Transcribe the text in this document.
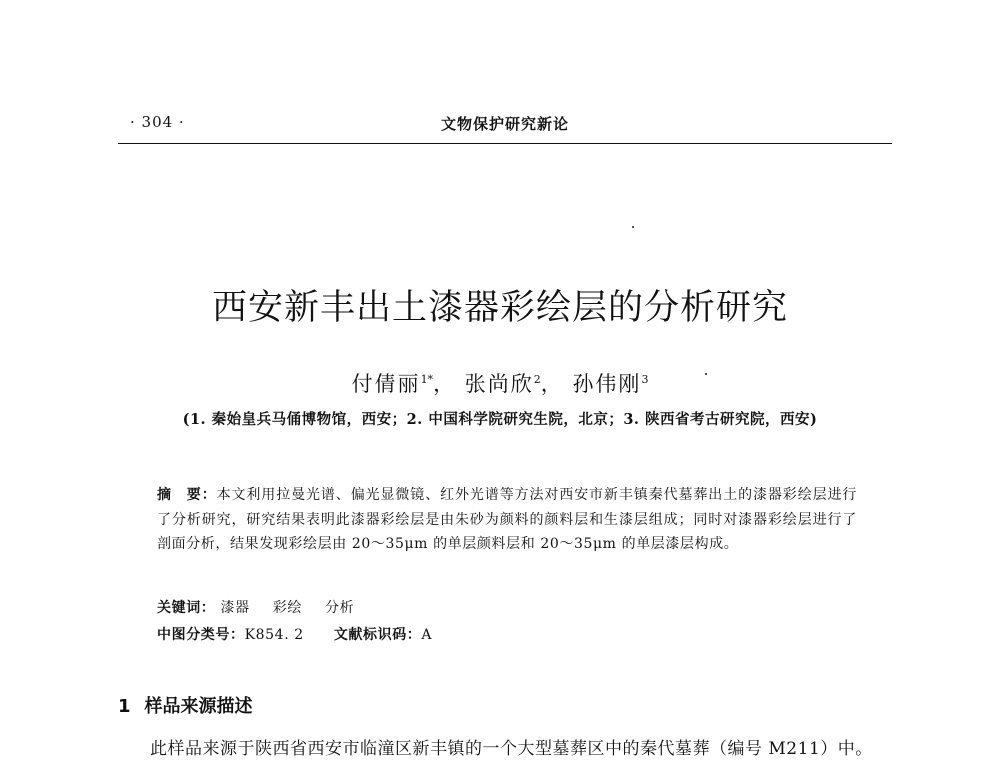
· 304 ·	文物保护研究新论
西安新丰出土漆器彩绘层的分析研究
付倩丽$^{1*}$， 张尚欣$^2$， 孙伟刚$^3$
(1. 秦始皇兵马俑博物馆，西安；2. 中国科学院研究生院，北京；3. 陕西省考古研究院，西安)
摘　要：本文利用拉曼光谱、偏光显微镜、红外光谱等方法对西安市新丰镇秦代墓葬出土的漆器彩绘层进行了分析研究，研究结果表明此漆器彩绘层是由朱砂为颜料的颜料层和生漆层组成；同时对漆器彩绘层进行了剖面分析，结果发现彩绘层由 20～35μm 的单层颜料层和 20～35μm 的单层漆层构成。
关键词： 漆器 彩绘 分析
中图分类号：K854. 2 文献标识码：A
1 样品来源描述
此样品来源于陕西省西安市临潼区新丰镇的一个大型墓葬区中的秦代墓葬（编号 M211）中。
